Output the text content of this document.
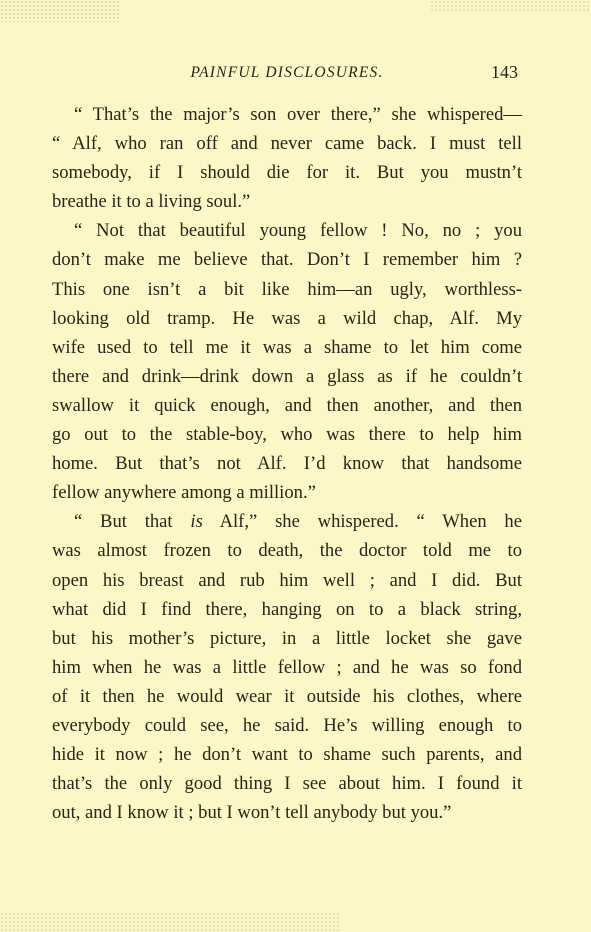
PAINFUL DISCLOSURES.	143
“ That’s the major’s son over there,” she whispered—
“ Alf, who ran off and never came back. I must tell
somebody, if I should die for it. But you mustn’t
breathe it to a living soul.”
“ Not that beautiful young fellow ! No, no ; you
don’t make me believe that. Don’t I remember him ?
This one isn’t a bit like him—an ugly, worthless-
looking old tramp. He was a wild chap, Alf. My
wife used to tell me it was a shame to let him come
there and drink—drink down a glass as if he couldn’t
swallow it quick enough, and then another, and then
go out to the stable-boy, who was there to help him
home. But that’s not Alf. I’d know that handsome
fellow anywhere among a million.”
“ But that is Alf,” she whispered. “ When he
was almost frozen to death, the doctor told me to
open his breast and rub him well ; and I did. But
what did I find there, hanging on to a black string,
but his mother’s picture, in a little locket she gave
him when he was a little fellow ; and he was so fond
of it then he would wear it outside his clothes, where
everybody could see, he said. He’s willing enough to
hide it now ; he don’t want to shame such parents, and
that’s the only good thing I see about him. I found it
out, and I know it ; but I won’t tell anybody but you.”
